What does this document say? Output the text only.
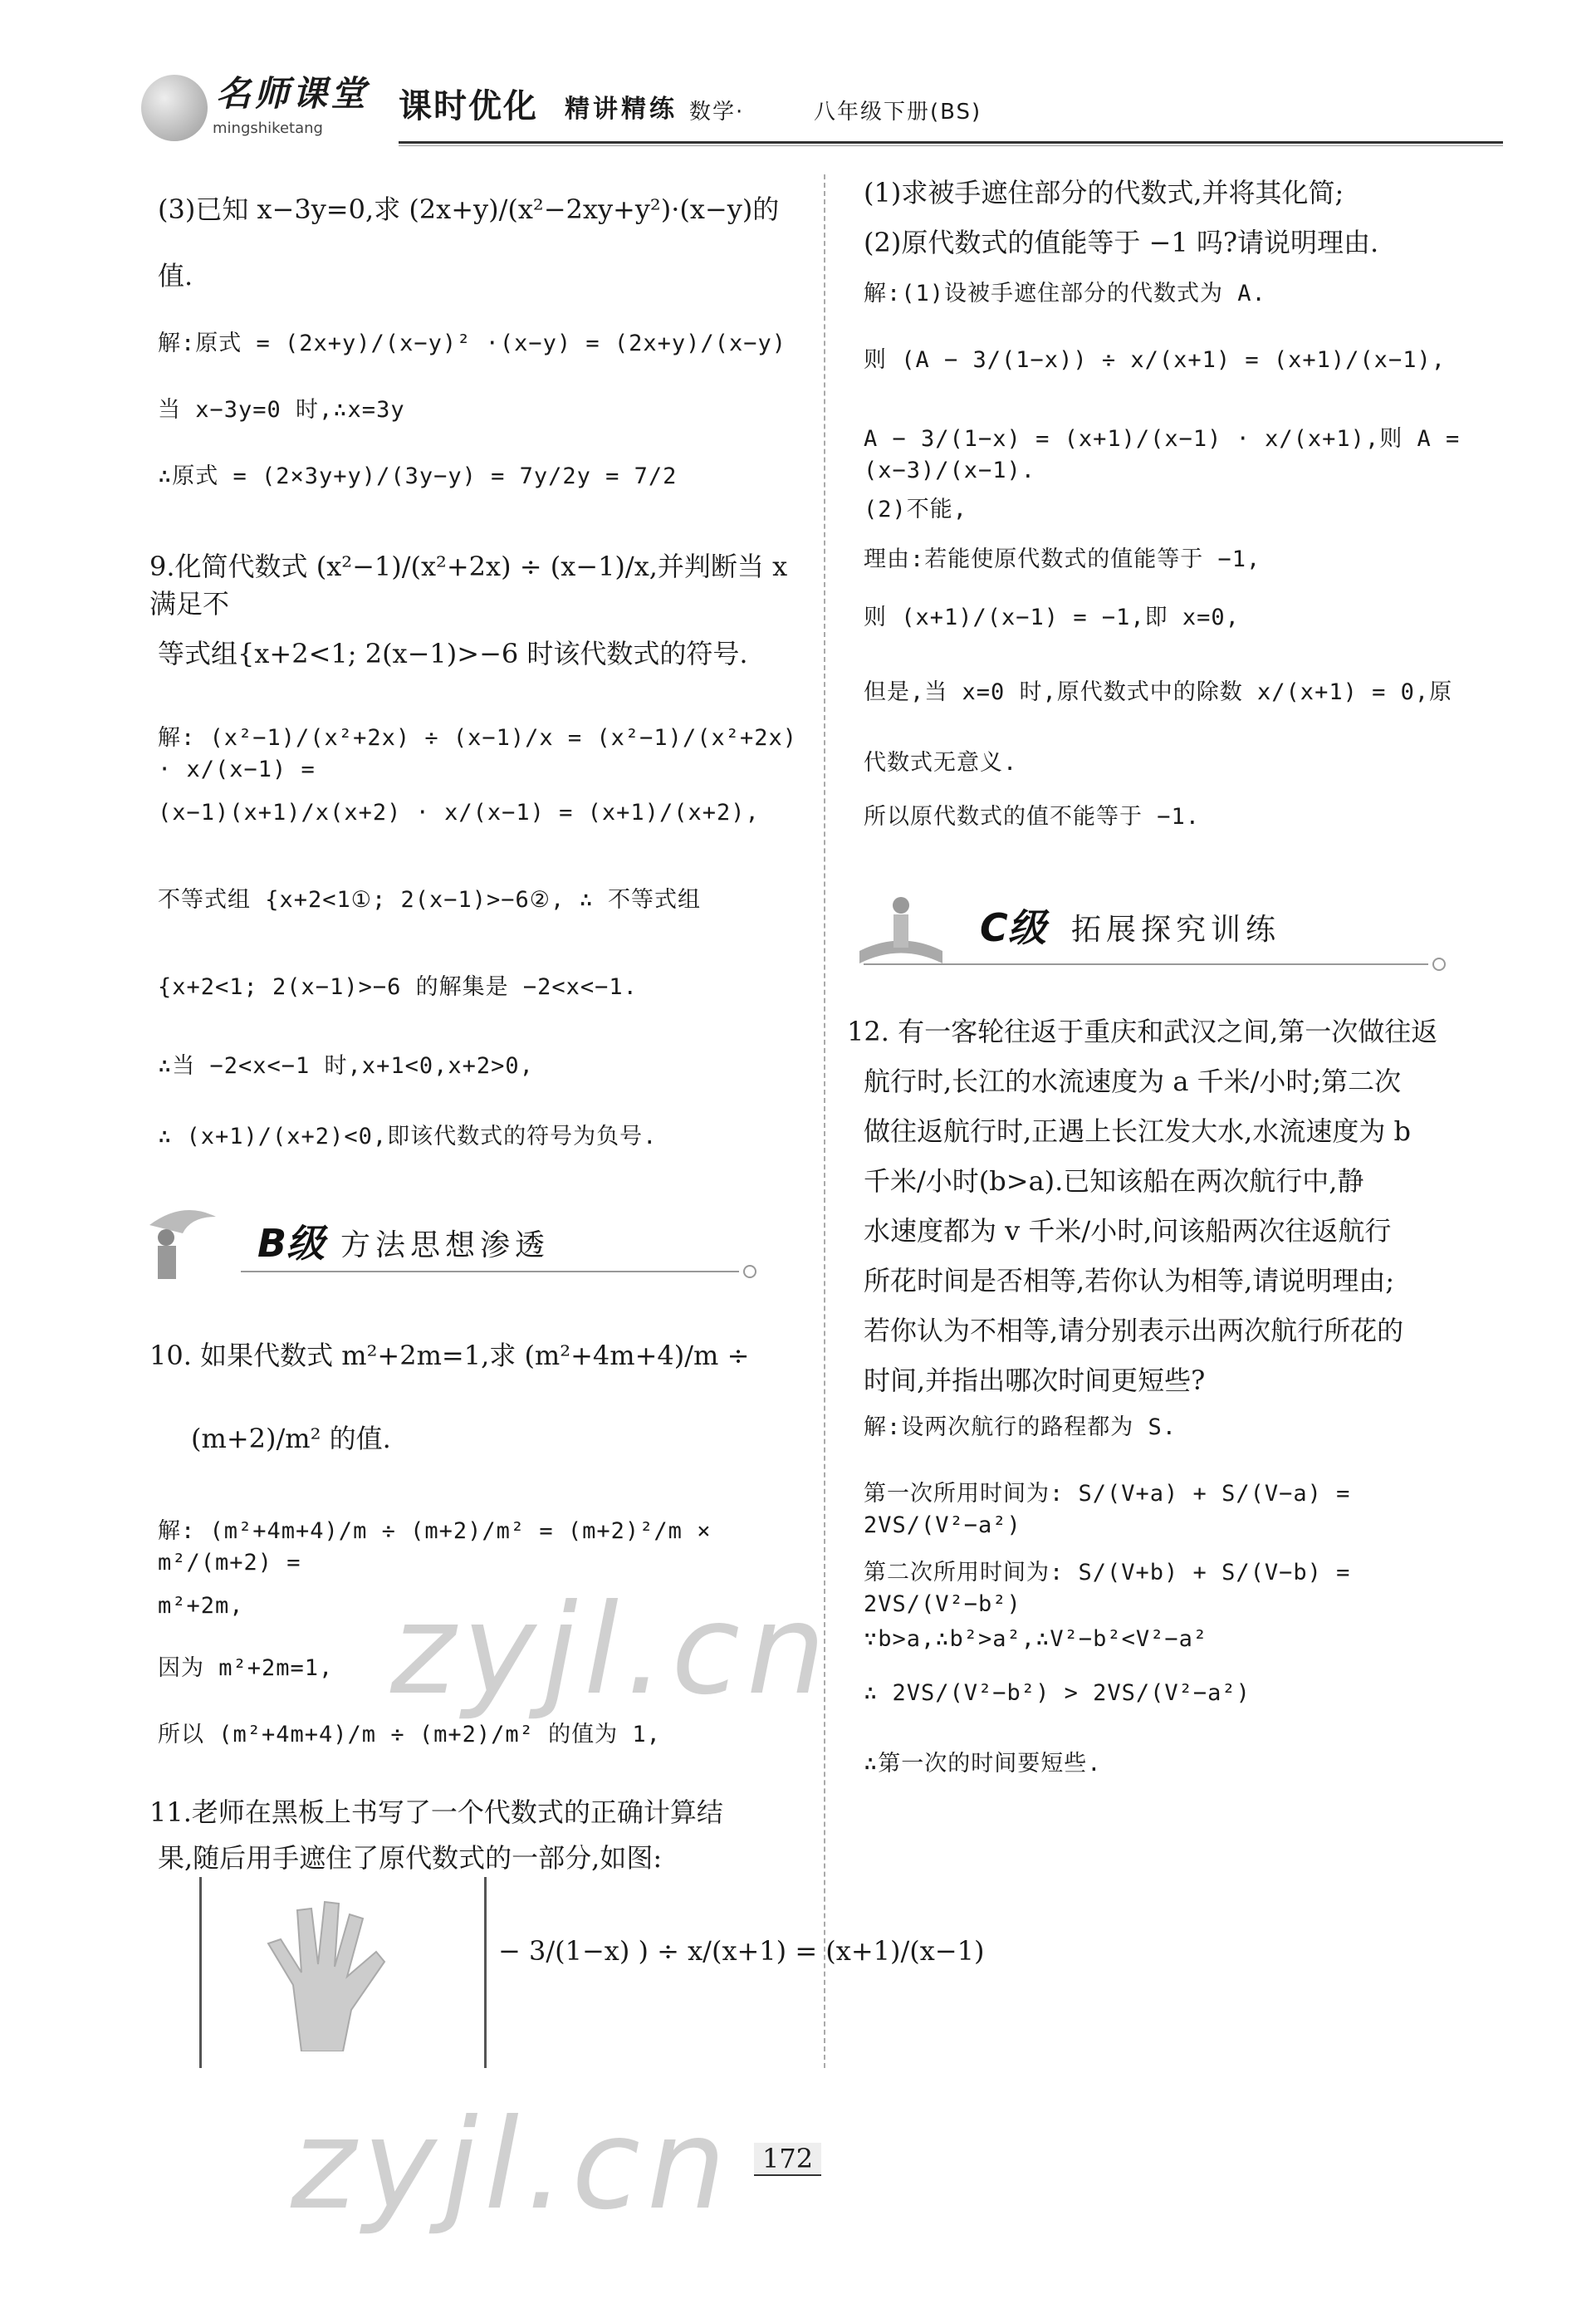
名师课堂
mingshiketang
课时优化 精讲精练 数学·	八年级下册(BS)
(3)已知 x−3y=0,求 (2x+y)/(x²−2xy+y²)·(x−y)的
值.
解:原式 = (2x+y)/(x−y)² ·(x−y) = (2x+y)/(x−y)
当 x−3y=0 时,∴x=3y
∴原式 = (2×3y+y)/(3y−y) = 7y/2y = 7/2
9.化简代数式 (x²−1)/(x²+2x) ÷ (x−1)/x,并判断当 x 满足不
等式组{x+2<1; 2(x−1)>−6 时该代数式的符号.
解: (x²−1)/(x²+2x) ÷ (x−1)/x = (x²−1)/(x²+2x) · x/(x−1) =
(x−1)(x+1)/x(x+2) · x/(x−1) = (x+1)/(x+2),
不等式组 {x+2<1①; 2(x−1)>−6②, ∴ 不等式组
{x+2<1; 2(x−1)>−6 的解集是 −2<x<−1.
∴当 −2<x<−1 时,x+1<0,x+2>0,
∴ (x+1)/(x+2)<0,即该代数式的符号为负号.
B级 方法思想渗透
10. 如果代数式 m²+2m=1,求 (m²+4m+4)/m ÷
(m+2)/m² 的值.
解: (m²+4m+4)/m ÷ (m+2)/m² = (m+2)²/m × m²/(m+2) =
m²+2m,
因为 m²+2m=1,
所以 (m²+4m+4)/m ÷ (m+2)/m² 的值为 1,
11.老师在黑板上书写了一个代数式的正确计算结
果,随后用手遮住了原代数式的一部分,如图:
− 3/(1−x) ) ÷ x/(x+1) = (x+1)/(x−1)
(1)求被手遮住部分的代数式,并将其化简;
(2)原代数式的值能等于 −1 吗?请说明理由.
解:(1)设被手遮住部分的代数式为 A.
则 (A − 3/(1−x)) ÷ x/(x+1) = (x+1)/(x−1),
A − 3/(1−x) = (x+1)/(x−1) · x/(x+1),则 A = (x−3)/(x−1).
(2)不能,
理由:若能使原代数式的值能等于 −1,
则 (x+1)/(x−1) = −1,即 x=0,
但是,当 x=0 时,原代数式中的除数 x/(x+1) = 0,原
代数式无意义.
所以原代数式的值不能等于 −1.
C级 拓展探究训练
12. 有一客轮往返于重庆和武汉之间,第一次做往返
航行时,长江的水流速度为 a 千米/小时;第二次
做往返航行时,正遇上长江发大水,水流速度为 b
千米/小时(b>a).已知该船在两次航行中,静
水速度都为 v 千米/小时,问该船两次往返航行
所花时间是否相等,若你认为相等,请说明理由;
若你认为不相等,请分别表示出两次航行所花的
时间,并指出哪次时间更短些?
解:设两次航行的路程都为 S.
第一次所用时间为: S/(V+a) + S/(V−a) = 2VS/(V²−a²)
第二次所用时间为: S/(V+b) + S/(V−b) = 2VS/(V²−b²)
∵b>a,∴b²>a²,∴V²−b²<V²−a²
∴ 2VS/(V²−b²) > 2VS/(V²−a²)
∴第一次的时间要短些.
zyjl.cn
zyjl.cn	172
